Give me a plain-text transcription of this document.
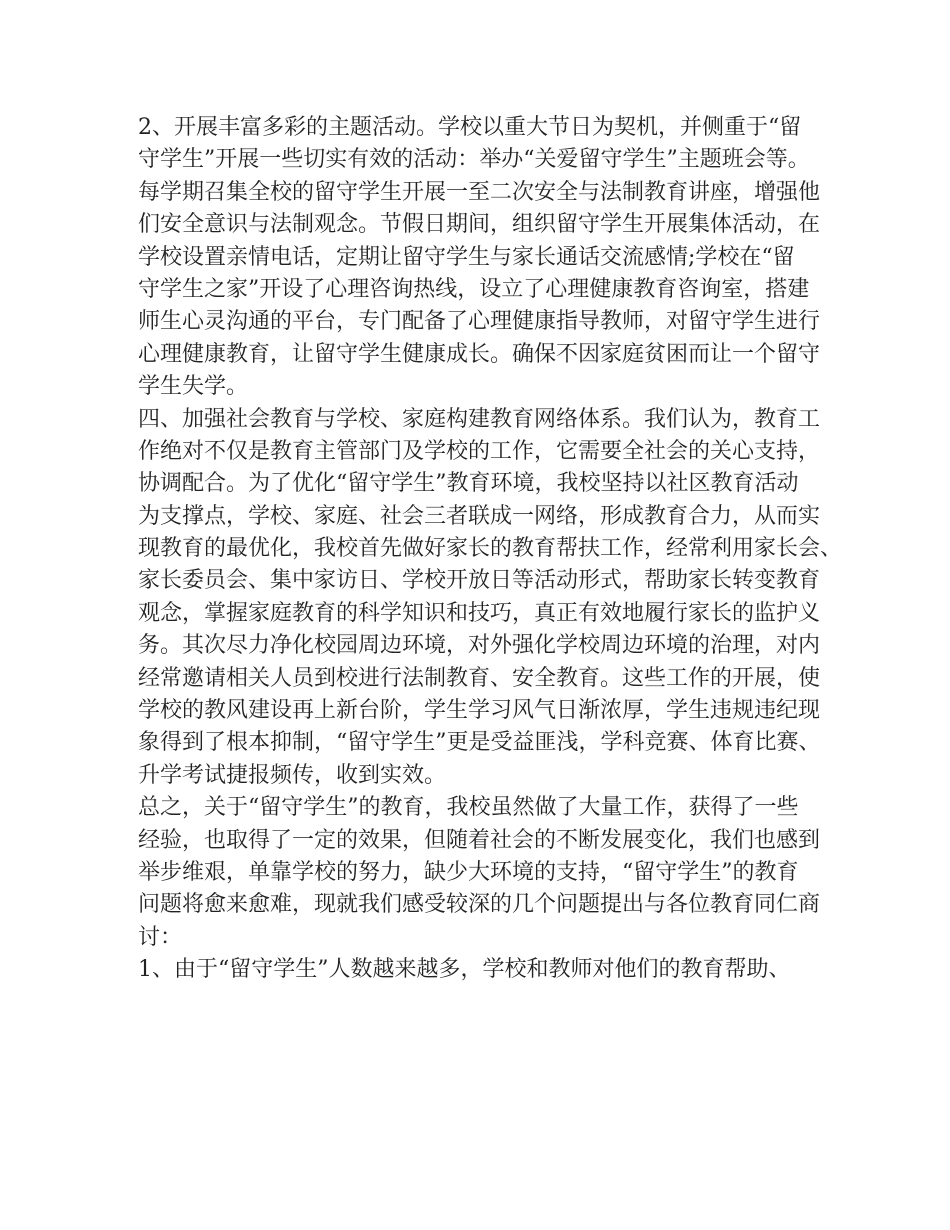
2、开展丰富多彩的主题活动。学校以重大节日为契机，并侧重于“留
守学生”开展一些切实有效的活动：举办“关爱留守学生”主题班会等。
每学期召集全校的留守学生开展一至二次安全与法制教育讲座，增强他
们安全意识与法制观念。节假日期间，组织留守学生开展集体活动，在
学校设置亲情电话，定期让留守学生与家长通话交流感情;学校在“留
守学生之家”开设了心理咨询热线，设立了心理健康教育咨询室，搭建
师生心灵沟通的平台，专门配备了心理健康指导教师，对留守学生进行
心理健康教育，让留守学生健康成长。确保不因家庭贫困而让一个留守
学生失学。
四、加强社会教育与学校、家庭构建教育网络体系。我们认为，教育工
作绝对不仅是教育主管部门及学校的工作，它需要全社会的关心支持，
协调配合。为了优化“留守学生”教育环境，我校坚持以社区教育活动
为支撑点，学校、家庭、社会三者联成一网络，形成教育合力，从而实
现教育的最优化，我校首先做好家长的教育帮扶工作，经常利用家长会、
家长委员会、集中家访日、学校开放日等活动形式，帮助家长转变教育
观念，掌握家庭教育的科学知识和技巧，真正有效地履行家长的监护义
务。其次尽力净化校园周边环境，对外强化学校周边环境的治理，对内
经常邀请相关人员到校进行法制教育、安全教育。这些工作的开展，使
学校的教风建设再上新台阶，学生学习风气日渐浓厚，学生违规违纪现
象得到了根本抑制，“留守学生”更是受益匪浅，学科竞赛、体育比赛、
升学考试捷报频传，收到实效。
总之，关于“留守学生”的教育，我校虽然做了大量工作，获得了一些
经验，也取得了一定的效果，但随着社会的不断发展变化，我们也感到
举步维艰，单靠学校的努力，缺少大环境的支持，“留守学生”的教育
问题将愈来愈难，现就我们感受较深的几个问题提出与各位教育同仁商
讨：
1、由于“留守学生”人数越来越多，学校和教师对他们的教育帮助、
